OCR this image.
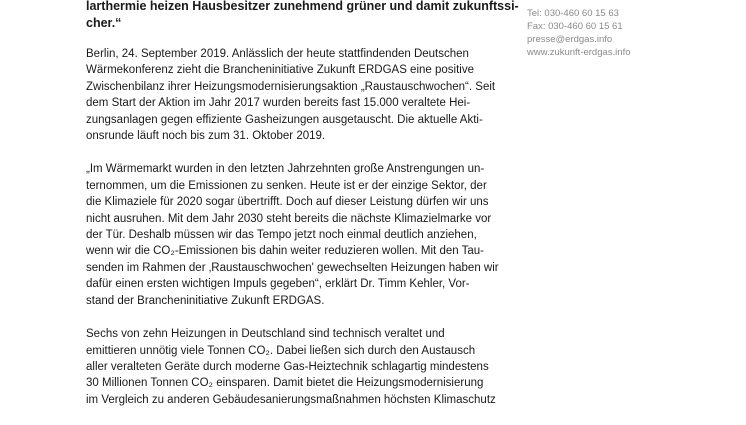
larthermie heizen Hausbesitzer zunehmend grüner und damit zukunftssi-
cher.“

Tel: 030-460 60 15 63
Fax: 030-460 60 15 61
presse@erdgas.info
www.zukunft-erdgas.info

Berlin, 24. September 2019. Anlässlich der heute stattfindenden Deutschen
Wärmekonferenz zieht die Brancheninitiative Zukunft ERDGAS eine positive
Zwischenbilanz ihrer Heizungsmodernisierungsaktion „Raustauschwochen“. Seit
dem Start der Aktion im Jahr 2017 wurden bereits fast 15.000 veraltete Hei-
zungsanlagen gegen effiziente Gasheizungen ausgetauscht. Die aktuelle Akti-
onsrunde läuft noch bis zum 31. Oktober 2019.

„Im Wärmemarkt wurden in den letzten Jahrzehnten große Anstrengungen un-
ternommen, um die Emissionen zu senken. Heute ist er der einzige Sektor, der
die Klimaziele für 2020 sogar übertrifft. Doch auf dieser Leistung dürfen wir uns
nicht ausruhen. Mit dem Jahr 2030 steht bereits die nächste Klimazielmarke vor
der Tür. Deshalb müssen wir das Tempo jetzt noch einmal deutlich anziehen,
wenn wir die CO₂-Emissionen bis dahin weiter reduzieren wollen. Mit den Tau-
senden im Rahmen der ‚Raustauschwochen' gewechselten Heizungen haben wir
dafür einen ersten wichtigen Impuls gegeben“, erklärt Dr. Timm Kehler, Vor-
stand der Brancheninitiative Zukunft ERDGAS.

Sechs von zehn Heizungen in Deutschland sind technisch veraltet und
emittieren unnötig viele Tonnen CO₂. Dabei ließen sich durch den Austausch
aller veralteten Geräte durch moderne Gas-Heiztechnik schlagartig mindestens
30 Millionen Tonnen CO₂ einsparen. Damit bietet die Heizungsmodernisierung
im Vergleich zu anderen Gebäudesanierungsmaßnahmen höchsten Klimaschutz
